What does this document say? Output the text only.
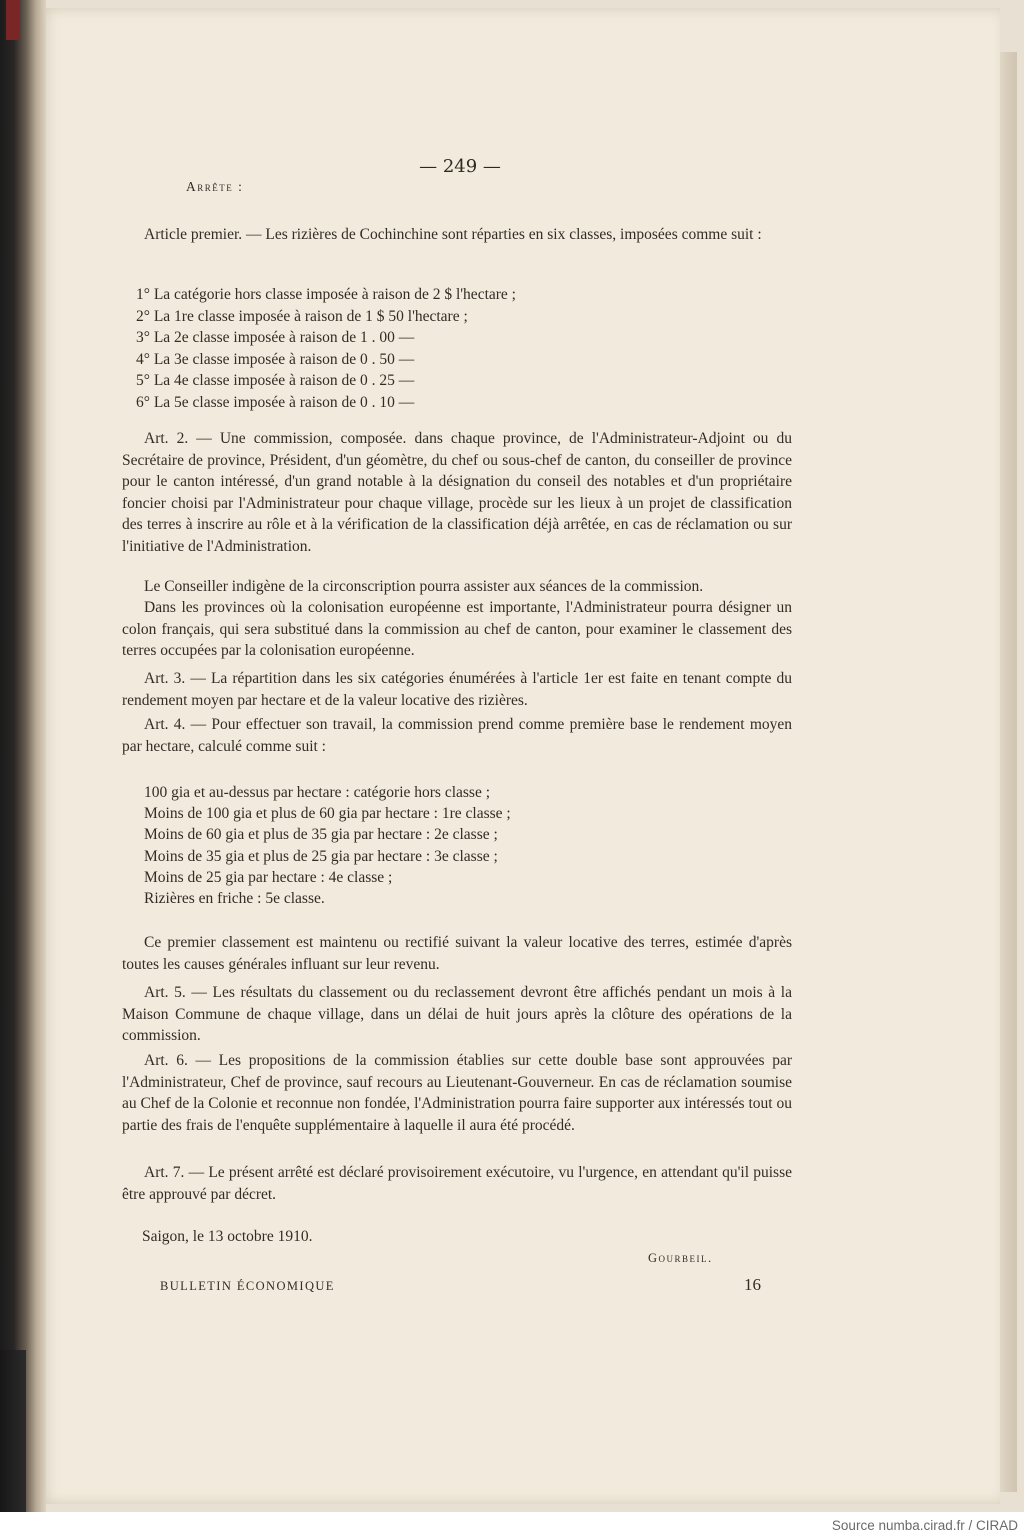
— 249 —
Arrête :
Article premier. — Les rizières de Cochinchine sont réparties en six classes, imposées comme suit :
1° La catégorie hors classe imposée à raison de 2 $ l'hectare ;
2° La 1re classe imposée à raison de 1 $ 50 l'hectare ;
3° La 2e classe imposée à raison de 1 . 00 —
4° La 3e classe imposée à raison de 0 . 50 —
5° La 4e classe imposée à raison de 0 . 25 —
6° La 5e classe imposée à raison de 0 . 10 —
Art. 2. — Une commission, composée. dans chaque province, de l'Administrateur-Adjoint ou du Secrétaire de province, Président, d'un géomètre, du chef ou sous-chef de canton, du conseiller de province pour le canton intéressé, d'un grand notable à la désignation du conseil des notables et d'un propriétaire foncier choisi par l'Administrateur pour chaque village, procède sur les lieux à un projet de classification des terres à inscrire au rôle et à la vérification de la classification déjà arrêtée, en cas de réclamation ou sur l'initiative de l'Administration.
Le Conseiller indigène de la circonscription pourra assister aux séances de la commission.
Dans les provinces où la colonisation européenne est importante, l'Administrateur pourra désigner un colon français, qui sera substitué dans la commission au chef de canton, pour examiner le classement des terres occupées par la colonisation européenne.
Art. 3. — La répartition dans les six catégories énumérées à l'article 1er est faite en tenant compte du rendement moyen par hectare et de la valeur locative des rizières.
Art. 4. — Pour effectuer son travail, la commission prend comme première base le rendement moyen par hectare, calculé comme suit :
100 gia et au-dessus par hectare : catégorie hors classe ;
Moins de 100 gia et plus de 60 gia par hectare : 1re classe ;
Moins de 60 gia et plus de 35 gia par hectare : 2e classe ;
Moins de 35 gia et plus de 25 gia par hectare : 3e classe ;
Moins de 25 gia par hectare : 4e classe ;
Rizières en friche : 5e classe.
Ce premier classement est maintenu ou rectifié suivant la valeur locative des terres, estimée d'après toutes les causes générales influant sur leur revenu.
Art. 5. — Les résultats du classement ou du reclassement devront être affichés pendant un mois à la Maison Commune de chaque village, dans un délai de huit jours après la clôture des opérations de la commission.
Art. 6. — Les propositions de la commission établies sur cette double base sont approuvées par l'Administrateur, Chef de province, sauf recours au Lieutenant-Gouverneur. En cas de réclamation soumise au Chef de la Colonie et reconnue non fondée, l'Administration pourra faire supporter aux intéressés tout ou partie des frais de l'enquête supplémentaire à laquelle il aura été procédé.
Art. 7. — Le présent arrêté est déclaré provisoirement exécutoire, vu l'urgence, en attendant qu'il puisse être approuvé par décret.
Saigon, le 13 octobre 1910.
Gourbeil.
BULLETIN ÉCONOMIQUE	16
Source numba.cirad.fr / CIRAD
